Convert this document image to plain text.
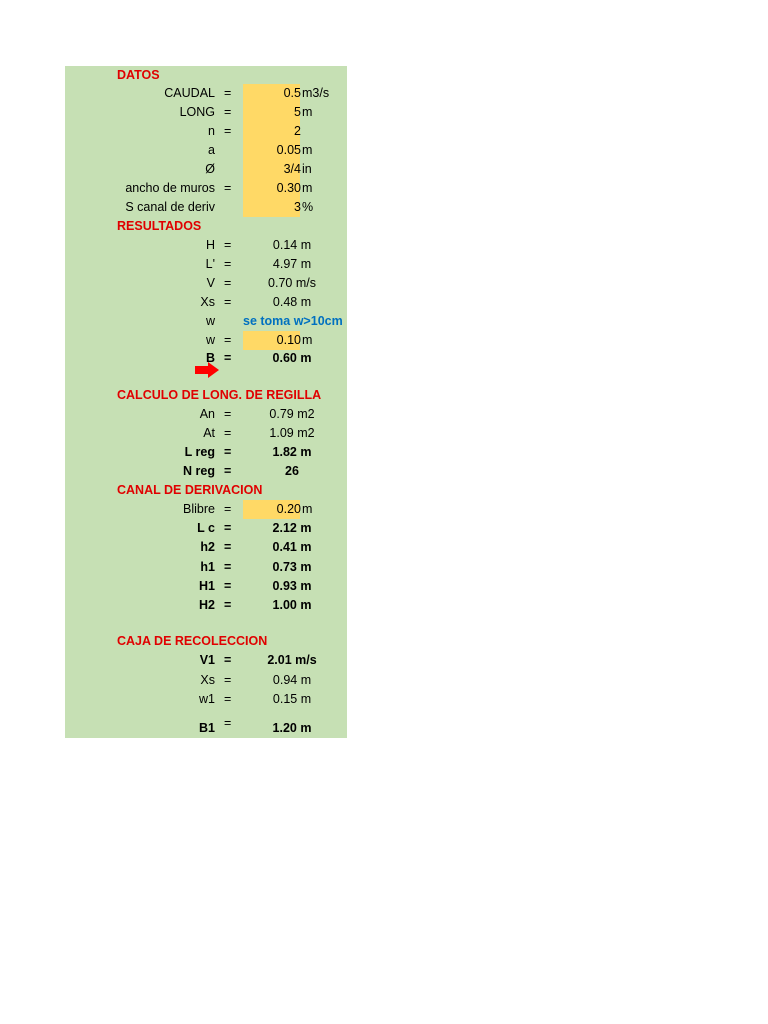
DATOS
CAUDAL =	0.5 m3/s
LONG =	5 m
n =	2
a	0.05 m
Ø	3/4 in
ancho de muros =	0.30 m
S canal de deriv	3 %
RESULTADOS
H =	0.14 m
L' =	4.97 m
V =	0.70 m/s
Xs =	0.48 m
w se toma w>10cm
w =	0.10 m
B =	0.60 m
CALCULO DE LONG. DE REGILLA
An =	0.79 m2
At =	1.09 m2
L reg =	1.82 m
N reg =	26
CANAL DE DERIVACION
Blibre =	0.20 m
L c =	2.12 m
h2 =	0.41 m
h1 =	0.73 m
H1 =	0.93 m
H2 =	1.00 m
CAJA DE RECOLECCION
V1 =	2.01 m/s
Xs =	0.94 m
w1 =	0.15 m
B1 =	1.20 m
